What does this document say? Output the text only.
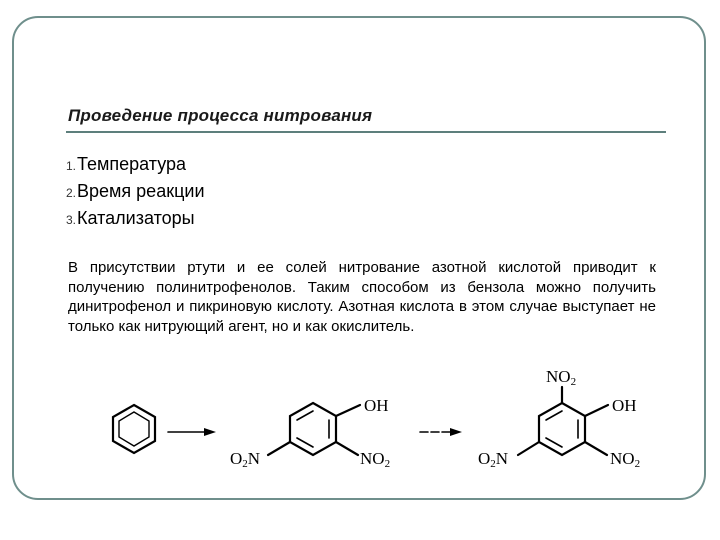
Проведение процесса нитрования
1.Температура
2.Время реакции
3.Катализаторы

В присутствии ртути и ее солей нитрование азотной кислотой приводит к получению полинитрофенолов. Таким способом из бензола можно получить динитрофенол и пикриновую кислоту. Азотная кислота в этом случае выступает не только как нитрующий агент, но и как окислитель.

OH
NO2
O2N
NO2
OH
NO2
O2N
